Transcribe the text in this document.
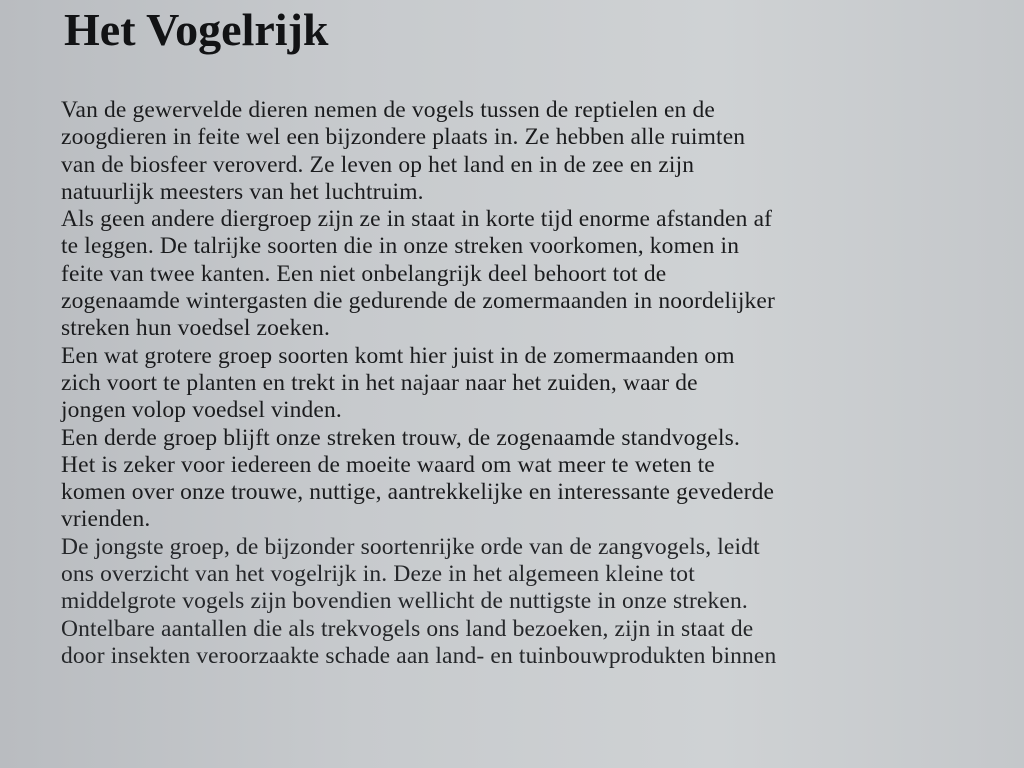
Het Vogelrijk
Van de gewervelde dieren nemen de vogels tussen de reptielen en de
zoogdieren in feite wel een bijzondere plaats in. Ze hebben alle ruimten
van de biosfeer veroverd. Ze leven op het land en in de zee en zijn
natuurlijk meesters van het luchtruim.
Als geen andere diergroep zijn ze in staat in korte tijd enorme afstanden af
te leggen. De talrijke soorten die in onze streken voorkomen, komen in
feite van twee kanten. Een niet onbelangrijk deel behoort tot de
zogenaamde wintergasten die gedurende de zomermaanden in noordelijker
streken hun voedsel zoeken.
Een wat grotere groep soorten komt hier juist in de zomermaanden om
zich voort te planten en trekt in het najaar naar het zuiden, waar de
jongen volop voedsel vinden.
Een derde groep blijft onze streken trouw, de zogenaamde standvogels.
Het is zeker voor iedereen de moeite waard om wat meer te weten te
komen over onze trouwe, nuttige, aantrekkelijke en interessante gevederde
vrienden.
De jongste groep, de bijzonder soortenrijke orde van de zangvogels, leidt
ons overzicht van het vogelrijk in. Deze in het algemeen kleine tot
middelgrote vogels zijn bovendien wellicht de nuttigste in onze streken.
Ontelbare aantallen die als trekvogels ons land bezoeken, zijn in staat de
door insekten veroorzaakte schade aan land- en tuinbouwprodukten binnen
